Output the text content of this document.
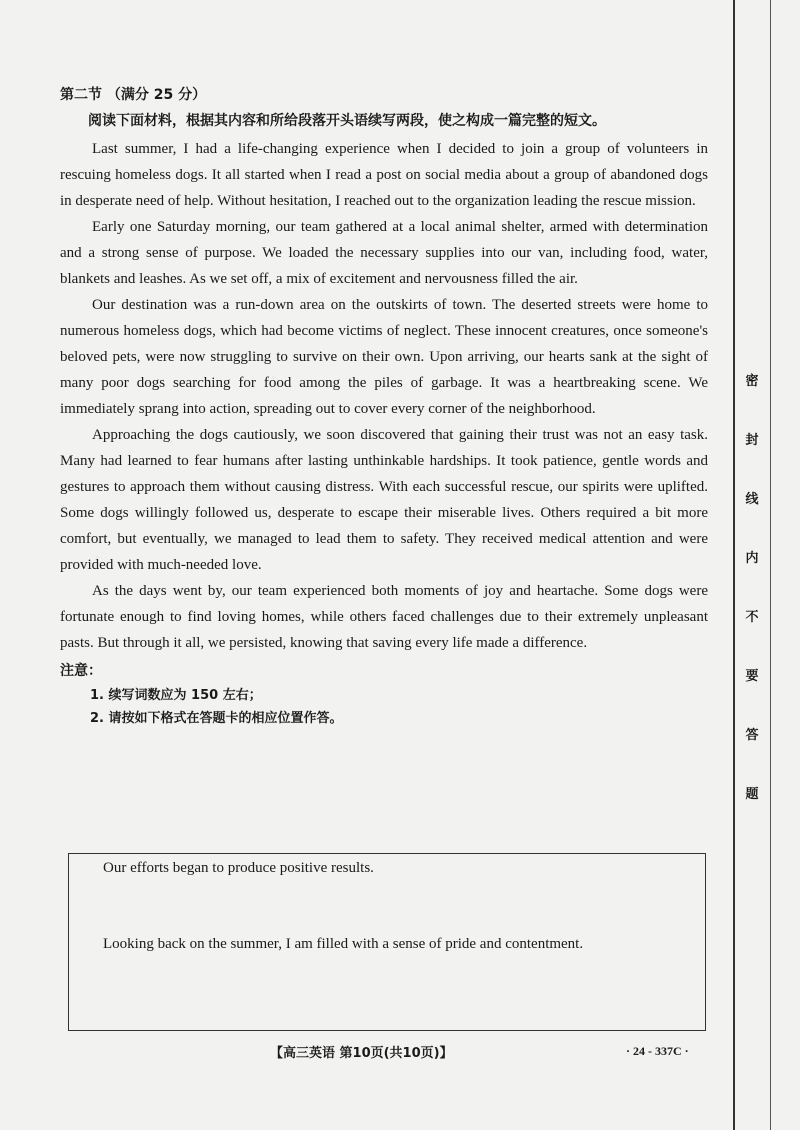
密
封
线
内
不
要
答
题

第二节 （满分 25 分）

阅读下面材料，根据其内容和所给段落开头语续写两段，使之构成一篇完整的短文。

Last summer, I had a life-changing experience when I decided to join a group of volunteers in rescuing homeless dogs. It all started when I read a post on social media about a group of abandoned dogs in desperate need of help. Without hesitation, I reached out to the organization leading the rescue mission.

Early one Saturday morning, our team gathered at a local animal shelter, armed with determination and a strong sense of purpose. We loaded the necessary supplies into our van, including food, water, blankets and leashes. As we set off, a mix of excitement and nervousness filled the air.

Our destination was a run-down area on the outskirts of town. The deserted streets were home to numerous homeless dogs, which had become victims of neglect. These innocent creatures, once someone's beloved pets, were now struggling to survive on their own. Upon arriving, our hearts sank at the sight of many poor dogs searching for food among the piles of garbage. It was a heartbreaking scene. We immediately sprang into action, spreading out to cover every corner of the neighborhood.

Approaching the dogs cautiously, we soon discovered that gaining their trust was not an easy task. Many had learned to fear humans after lasting unthinkable hardships. It took patience, gentle words and gestures to approach them without causing distress. With each successful rescue, our spirits were uplifted. Some dogs willingly followed us, desperate to escape their miserable lives. Others required a bit more comfort, but eventually, we managed to lead them to safety. They received medical attention and were provided with much-needed love.

As the days went by, our team experienced both moments of joy and heartache. Some dogs were fortunate enough to find loving homes, while others faced challenges due to their extremely unpleasant pasts. But through it all, we persisted, knowing that saving every life made a difference.

注意：

1. 续写词数应为 150 左右；

2. 请按如下格式在答题卡的相应位置作答。

Our efforts began to produce positive results.
Looking back on the summer, I am filled with a sense of pride and contentment.
【高三英语 第10页(共10页)】	· 24 - 337C ·
